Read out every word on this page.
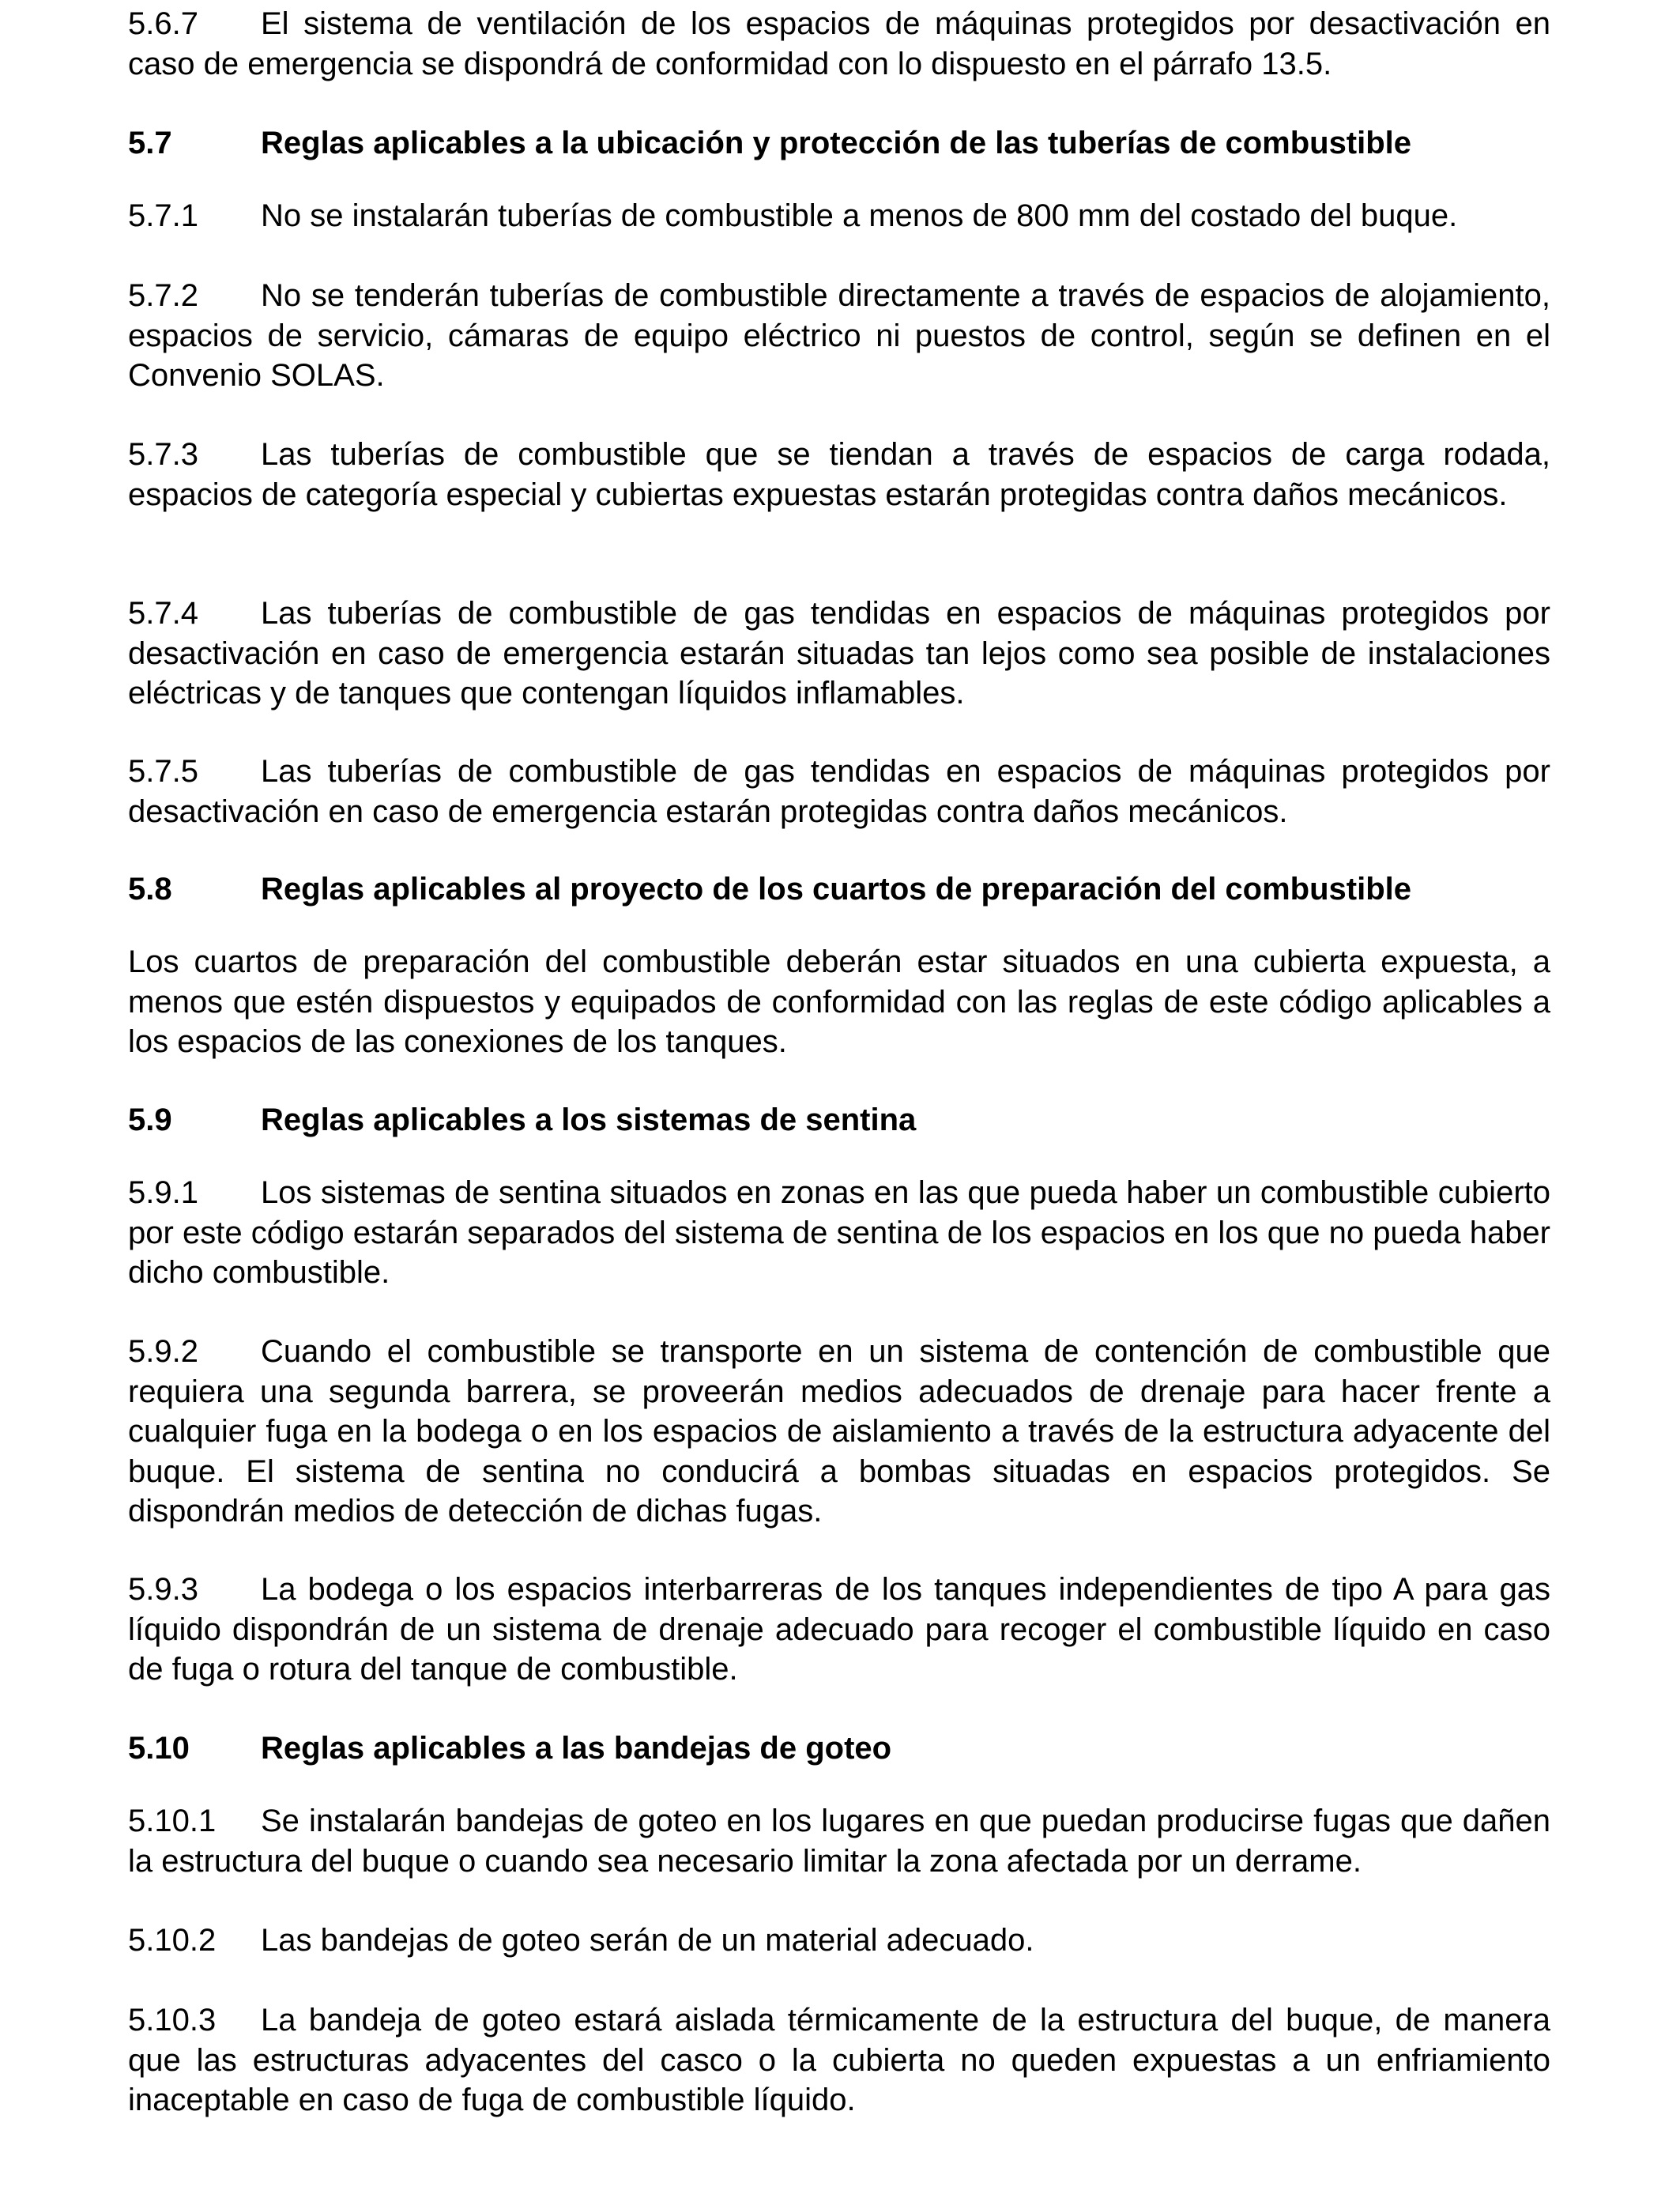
5.6.7 El sistema de ventilación de los espacios de máquinas protegidos por desactivación en caso de emergencia se dispondrá de conformidad con lo dispuesto en el párrafo 13.5.

5.7	Reglas aplicables a la ubicación y protección de las tuberías de combustible

5.7.1 No se instalarán tuberías de combustible a menos de 800 mm del costado del buque.

5.7.2 No se tenderán tuberías de combustible directamente a través de espacios de alojamiento, espacios de servicio, cámaras de equipo eléctrico ni puestos de control, según se definen en el Convenio SOLAS.

5.7.3 Las tuberías de combustible que se tiendan a través de espacios de carga rodada, espacios de categoría especial y cubiertas expuestas estarán protegidas contra daños mecánicos.

5.7.4 Las tuberías de combustible de gas tendidas en espacios de máquinas protegidos por desactivación en caso de emergencia estarán situadas tan lejos como sea posible de instalaciones eléctricas y de tanques que contengan líquidos inflamables.

5.7.5 Las tuberías de combustible de gas tendidas en espacios de máquinas protegidos por desactivación en caso de emergencia estarán protegidas contra daños mecánicos.

5.8	Reglas aplicables al proyecto de los cuartos de preparación del combustible

Los cuartos de preparación del combustible deberán estar situados en una cubierta expuesta, a menos que estén dispuestos y equipados de conformidad con las reglas de este código aplicables a los espacios de las conexiones de los tanques.

5.9	Reglas aplicables a los sistemas de sentina

5.9.1 Los sistemas de sentina situados en zonas en las que pueda haber un combustible cubierto por este código estarán separados del sistema de sentina de los espacios en los que no pueda haber dicho combustible.

5.9.2 Cuando el combustible se transporte en un sistema de contención de combustible que requiera una segunda barrera, se proveerán medios adecuados de drenaje para hacer frente a cualquier fuga en la bodega o en los espacios de aislamiento a través de la estructura adyacente del buque. El sistema de sentina no conducirá a bombas situadas en espacios protegidos. Se dispondrán medios de detección de dichas fugas.

5.9.3 La bodega o los espacios interbarreras de los tanques independientes de tipo A para gas líquido dispondrán de un sistema de drenaje adecuado para recoger el combustible líquido en caso de fuga o rotura del tanque de combustible.

5.10 Reglas aplicables a las bandejas de goteo

5.10.1 Se instalarán bandejas de goteo en los lugares en que puedan producirse fugas que dañen la estructura del buque o cuando sea necesario limitar la zona afectada por un derrame.

5.10.2 Las bandejas de goteo serán de un material adecuado.

5.10.3 La bandeja de goteo estará aislada térmicamente de la estructura del buque, de manera que las estructuras adyacentes del casco o la cubierta no queden expuestas a un enfriamiento inaceptable en caso de fuga de combustible líquido.
